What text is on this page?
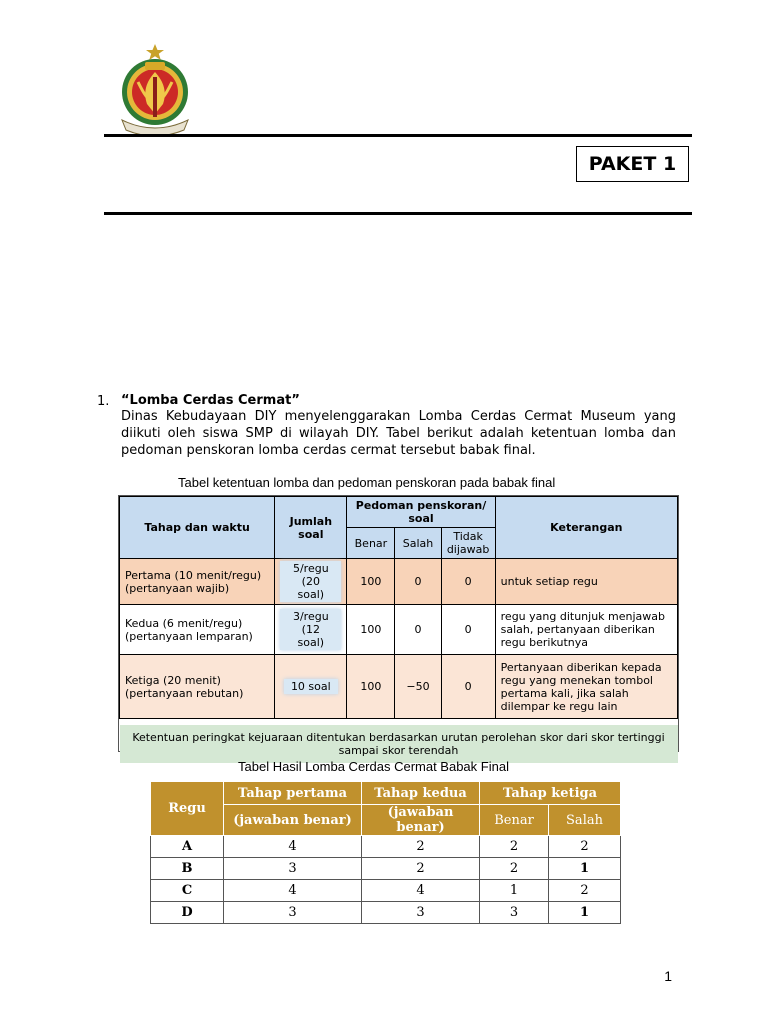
PAKET 1
1. “Lomba Cerdas Cermat”
Dinas Kebudayaan DIY menyelenggarakan Lomba Cerdas Cermat Museum yang diikuti oleh siswa SMP di wilayah DIY. Tabel berikut adalah ketentuan lomba dan pedoman penskoran lomba cerdas cermat tersebut babak final.
Tabel ketentuan lomba dan pedoman penskoran pada babak final
Tahap dan waktu	Jumlah soal	Pedoman penskoran/ soal			Keterangan
		Benar	Salah	Tidak dijawab	
Pertama (10 menit/regu) (pertanyaan wajib)	5/regu (20 soal)	100	0	0	untuk setiap regu
Kedua (6 menit/regu) (pertanyaan lemparan)	3/regu (12 soal)	100	0	0	regu yang ditunjuk menjawab salah, pertanyaan diberikan regu berikutnya
Ketiga (20 menit) (pertanyaan rebutan)	10 soal	100	−50	0	Pertanyaan diberikan kepada regu yang menekan tombol pertama kali, jika salah dilempar ke regu lain

Ketentuan peringkat kejuaraan ditentukan berdasarkan urutan perolehan skor dari skor tertinggi sampai skor terendah					
Tabel Hasil Lomba Cerdas Cermat Babak Final
Regu	Tahap pertama	Tahap kedua	Tahap ketiga	
	(jawaban benar)	(jawaban benar)	Benar	Salah
A	4	2	2	2
B	3	2	2	1
C	4	4	1	2
D	3	3	3	1
1
